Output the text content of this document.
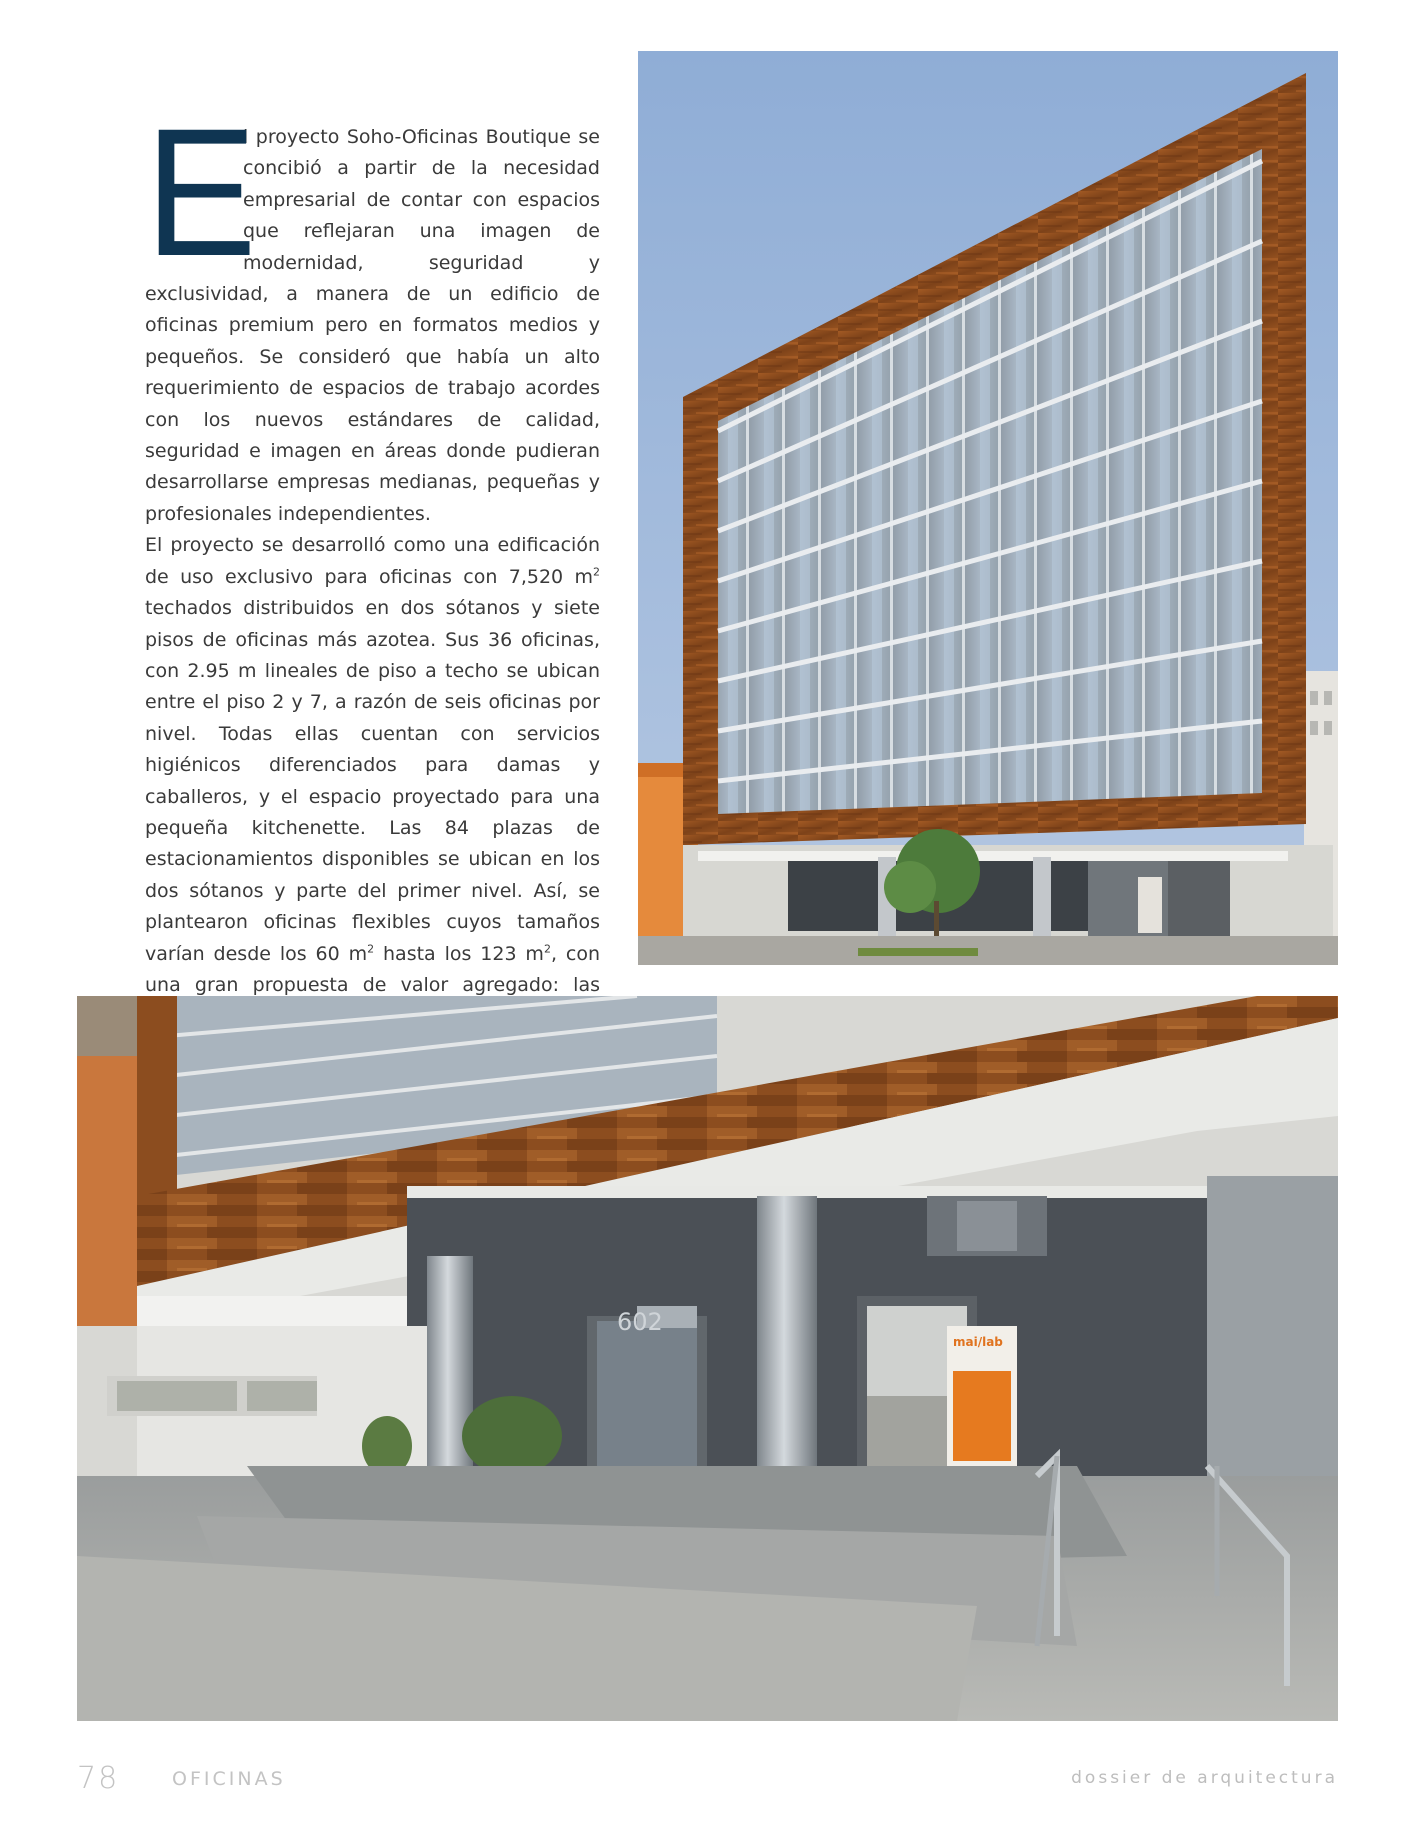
E

l proyecto Soho-Oficinas Boutique se concibió a partir de la necesidad empresarial de contar con espacios que reflejaran una imagen de modernidad, seguridad y exclusividad, a manera de un edificio de oficinas premium pero en formatos medios y pequeños. Se consideró que había un alto requerimiento de espacios de trabajo acordes con los nuevos estándares de calidad, seguridad e imagen en áreas donde pudieran desarrollarse empresas medianas, pequeñas y profesionales independientes.

El proyecto se desarrolló como una edificación de uso exclusivo para oficinas con 7,520 $m^2$ techados distribuidos en dos sótanos y siete pisos de oficinas más azotea. Sus 36 oficinas, con 2.95 m lineales de piso a techo se ubican entre el piso 2 y 7, a razón de seis oficinas por nivel. Todas ellas cuentan con servicios higiénicos diferenciados para damas y caballeros, y el espacio proyectado para una pequeña kitchenette. Las 84 plazas de estacionamientos disponibles se ubican en los dos sótanos y parte del primer nivel. Así, se plantearon oficinas flexibles cuyos tamaños varían desde los 60 $m^2$ hasta los 123 $m^2$, con una gran propuesta de valor agregado: las

602
mai/lab
78	OFICINAS	dossier de arquitectura
